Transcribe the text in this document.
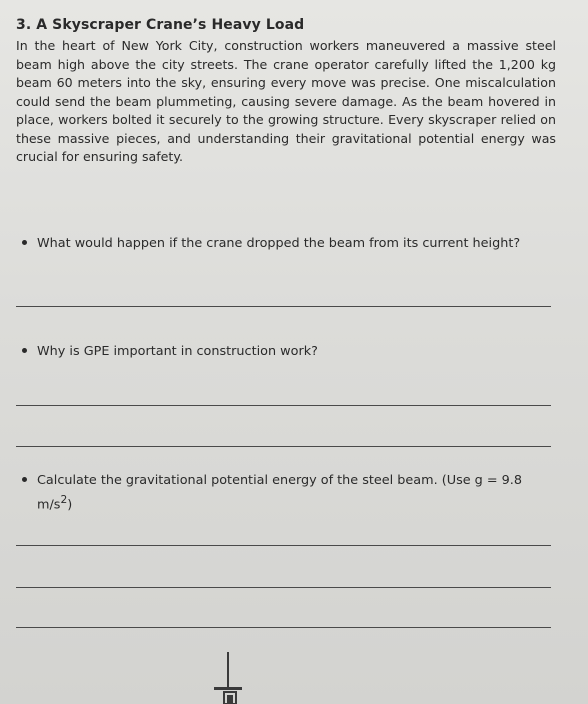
3. A Skyscraper Crane’s Heavy Load

In the heart of New York City, construction workers maneuvered a massive steel beam high above the city streets. The crane operator carefully lifted the 1,200 kg beam 60 meters into the sky, ensuring every move was precise. One miscalculation could send the beam plummeting, causing severe damage. As the beam hovered in place, workers bolted it securely to the growing structure. Every skyscraper relied on these massive pieces, and understanding their gravitational potential energy was crucial for ensuring safety.

What would happen if the crane dropped the beam from its current height?
Why is GPE important in construction work?
Calculate the gravitational potential energy of the steel beam. (Use g = 9.8
$m/s^2$)
